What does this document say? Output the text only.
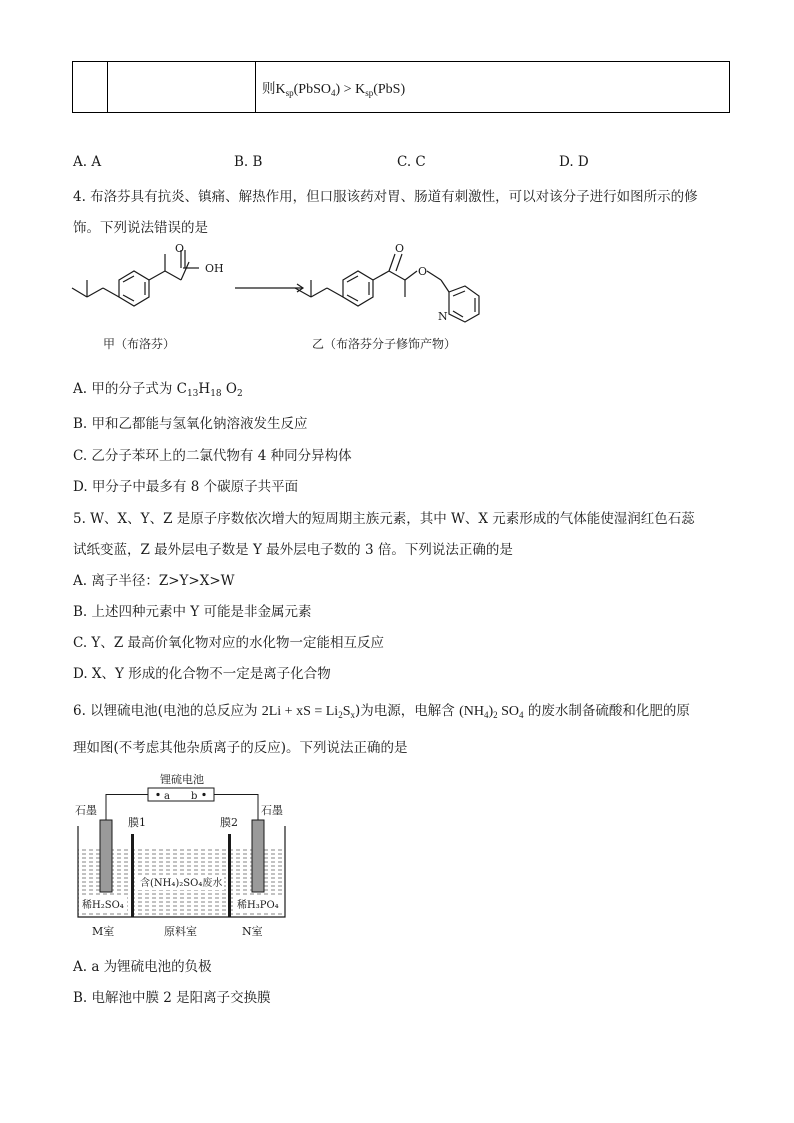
		则$K_{sp}(PbSO_4) > K_{sp}(PbS)$
A. A	B. B	C. C	D. D
4. 布洛芬具有抗炎、镇痛、解热作用，但口服该药对胃、肠道有刺激性，可以对该分子进行如图所示的修
饰。下列说法错误的是
OH
O	O
O
N
甲（布洛芬）	乙（布洛芬分子修饰产物）
A. 甲的分子式为 $C_{13}H_{18}$ $O_2$
B. 甲和乙都能与氢氧化钠溶液发生反应
C. 乙分子苯环上的二氯代物有 4 种同分异构体
D. 甲分子中最多有 8 个碳原子共平面
5. W、X、Y、Z 是原子序数依次增大的短周期主族元素，其中 W、X 元素形成的气体能使湿润红色石蕊
试纸变蓝，Z 最外层电子数是 Y 最外层电子数的 3 倍。下列说法正确的是
A. 离子半径：Z>Y>X>W
B. 上述四种元素中 Y 可能是非金属元素
C. Y、Z 最高价氧化物对应的水化物一定能相互反应
D. X、Y 形成的化合物不一定是离子化合物
6. 以锂硫电池(电池的总反应为 2Li + xS = $Li_2S_x$)为电源，电解含 $(NH_4)_2$ $SO_4$ 的废水制备硫酸和化肥的原
理如图(不考虑其他杂质离子的反应)。下列说法正确的是
a b
锂硫电池
石墨	石墨
膜1	膜2
稀H₂SO₄
含(NH₄)₂SO₄废水
稀H₃PO₄
M室	原料室	N室
A. a 为锂硫电池的负极
B. 电解池中膜 2 是阳离子交换膜
